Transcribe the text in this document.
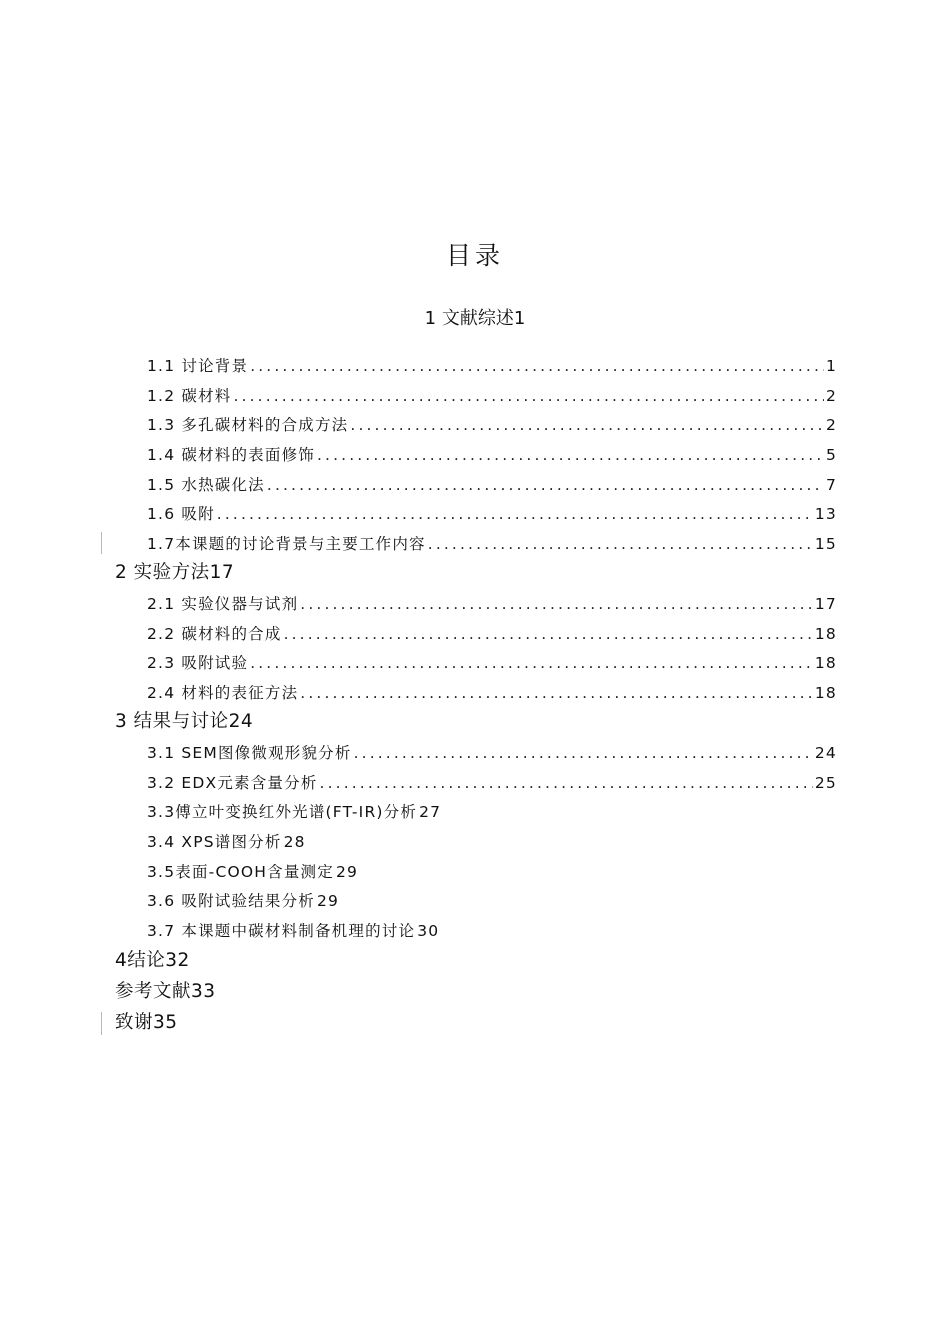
目录
1 文献综述1
1.1 讨论背景 . . .	1
1.2 碳材料 . . .	2
1.3 多孔碳材料的合成方法 . . .	2
1.4 碳材料的表面修饰 . . .	5
1.5 水热碳化法 . . .	7
1.6 吸附 . . .	13
1.7本课题的讨论背景与主要工作内容 . . .	15
2 实验方法17
2.1 实验仪器与试剂 . . .	17
2.2 碳材料的合成 . . .	18
2.3 吸附试验 . . .	18
2.4 材料的表征方法 . . .	18
3 结果与讨论24
3.1 SEM图像微观形貌分析 . . .	24
3.2 EDX元素含量分析 . . .	25
3.3傅立叶变换红外光谱(FT-IR)分析 27
3.4 XPS谱图分析 28
3.5表面-COOH含量测定 29
3.6 吸附试验结果分析 29
3.7 本课题中碳材料制备机理的讨论 30
4结论32
参考文献33
致谢35
